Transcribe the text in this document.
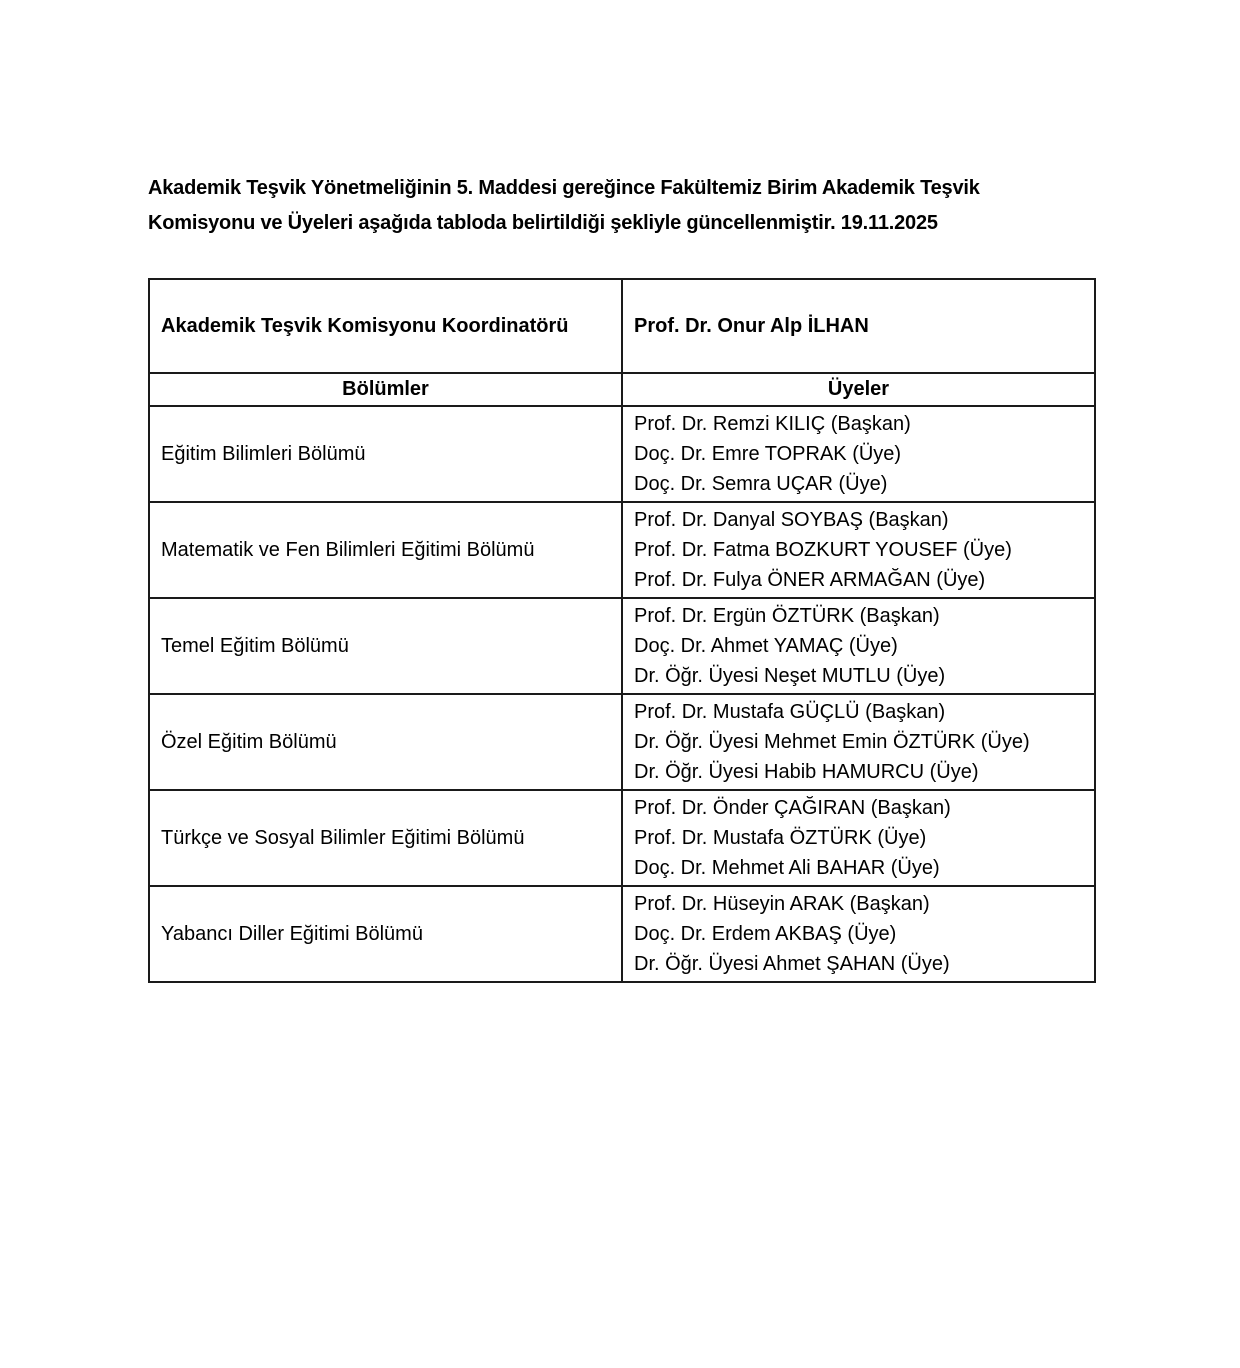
Akademik Teşvik Yönetmeliğinin 5. Maddesi gereğince Fakültemiz Birim Akademik Teşvik Komisyonu ve Üyeleri aşağıda tabloda belirtildiği şekliyle güncellenmiştir. 19.11.2025

Akademik Teşvik Komisyonu Koordinatörü	Prof. Dr. Onur Alp İLHAN
Bölümler	Üyeler
Eğitim Bilimleri Bölümü	Prof. Dr. Remzi KILIÇ (Başkan)
Doç. Dr. Emre TOPRAK (Üye)
Doç. Dr. Semra UÇAR (Üye)

Matematik ve Fen Bilimleri Eğitimi Bölümü	Prof. Dr. Danyal SOYBAŞ (Başkan)
Prof. Dr. Fatma BOZKURT YOUSEF (Üye)
Prof. Dr. Fulya ÖNER ARMAĞAN (Üye)

Temel Eğitim Bölümü	Prof. Dr. Ergün ÖZTÜRK (Başkan)
Doç. Dr. Ahmet YAMAÇ (Üye)
Dr. Öğr. Üyesi Neşet MUTLU (Üye)

Özel Eğitim Bölümü	Prof. Dr. Mustafa GÜÇLÜ (Başkan)
Dr. Öğr. Üyesi Mehmet Emin ÖZTÜRK (Üye)
Dr. Öğr. Üyesi Habib HAMURCU (Üye)

Türkçe ve Sosyal Bilimler Eğitimi Bölümü	Prof. Dr. Önder ÇAĞIRAN (Başkan)
Prof. Dr. Mustafa ÖZTÜRK (Üye)
Doç. Dr. Mehmet Ali BAHAR (Üye)

Yabancı Diller Eğitimi Bölümü	Prof. Dr. Hüseyin ARAK (Başkan)
Doç. Dr. Erdem AKBAŞ (Üye)
Dr. Öğr. Üyesi Ahmet ŞAHAN (Üye)
